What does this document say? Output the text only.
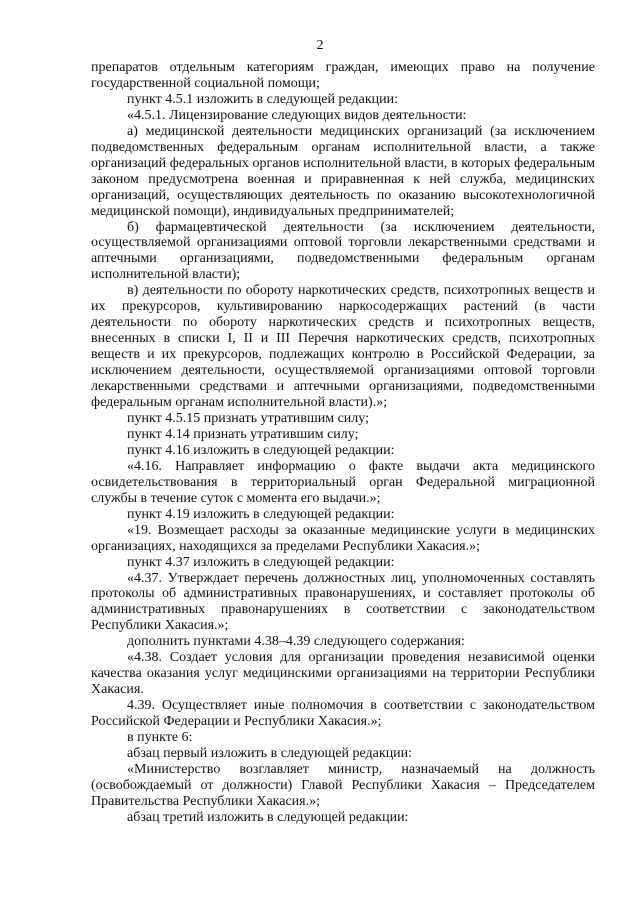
2

препаратов отдельным категориям граждан, имеющих право на получение государственной социальной помощи;

пункт 4.5.1 изложить в следующей редакции:

«4.5.1. Лицензирование следующих видов деятельности:

а) медицинской деятельности медицинских организаций (за исключением подведомственных федеральным органам исполнительной власти, а также организаций федеральных органов исполнительной власти, в которых федеральным законом предусмотрена военная и приравненная к ней служба, медицинских организаций, осуществляющих деятельность по оказанию высокотехнологичной медицинской помощи), индивидуальных предпринимателей;

б) фармацевтической деятельности (за исключением деятельности, осуществляемой организациями оптовой торговли лекарственными средствами и аптечными организациями, подведомственными федеральным органам исполнительной власти);

в) деятельности по обороту наркотических средств, психотропных веществ и их прекурсоров, культивированию наркосодержащих растений (в части деятельности по обороту наркотических средств и психотропных веществ, внесенных в списки I, II и III Перечня наркотических средств, психотропных веществ и их прекурсоров, подлежащих контролю в Российской Федерации, за исключением деятельности, осуществляемой организациями оптовой торговли лекарственными средствами и аптечными организациями, подведомственными федеральным органам исполнительной власти).»;

пункт 4.5.15 признать утратившим силу;

пункт 4.14 признать утратившим силу;

пункт 4.16 изложить в следующей редакции:

«4.16. Направляет информацию о факте выдачи акта медицинского освидетельствования в территориальный орган Федеральной миграционной службы в течение суток с момента его выдачи.»;

пункт 4.19 изложить в следующей редакции:

«19. Возмещает расходы за оказанные медицинские услуги в медицинских организациях, находящихся за пределами Республики Хакасия.»;

пункт 4.37 изложить в следующей редакции:

«4.37. Утверждает перечень должностных лиц, уполномоченных составлять протоколы об административных правонарушениях, и составляет протоколы об административных правонарушениях в соответствии с законодательством Республики Хакасия.»;

дополнить пунктами 4.38–4.39 следующего содержания:

«4.38. Создает условия для организации проведения независимой оценки качества оказания услуг медицинскими организациями на территории Республики Хакасия.

4.39. Осуществляет иные полномочия в соответствии с законодательством Российской Федерации и Республики Хакасия.»;

в пункте 6:

абзац первый изложить в следующей редакции:

«Министерство возглавляет министр, назначаемый на должность (освобождаемый от должности) Главой Республики Хакасия – Председателем Правительства Республики Хакасия.»;

абзац третий изложить в следующей редакции:
